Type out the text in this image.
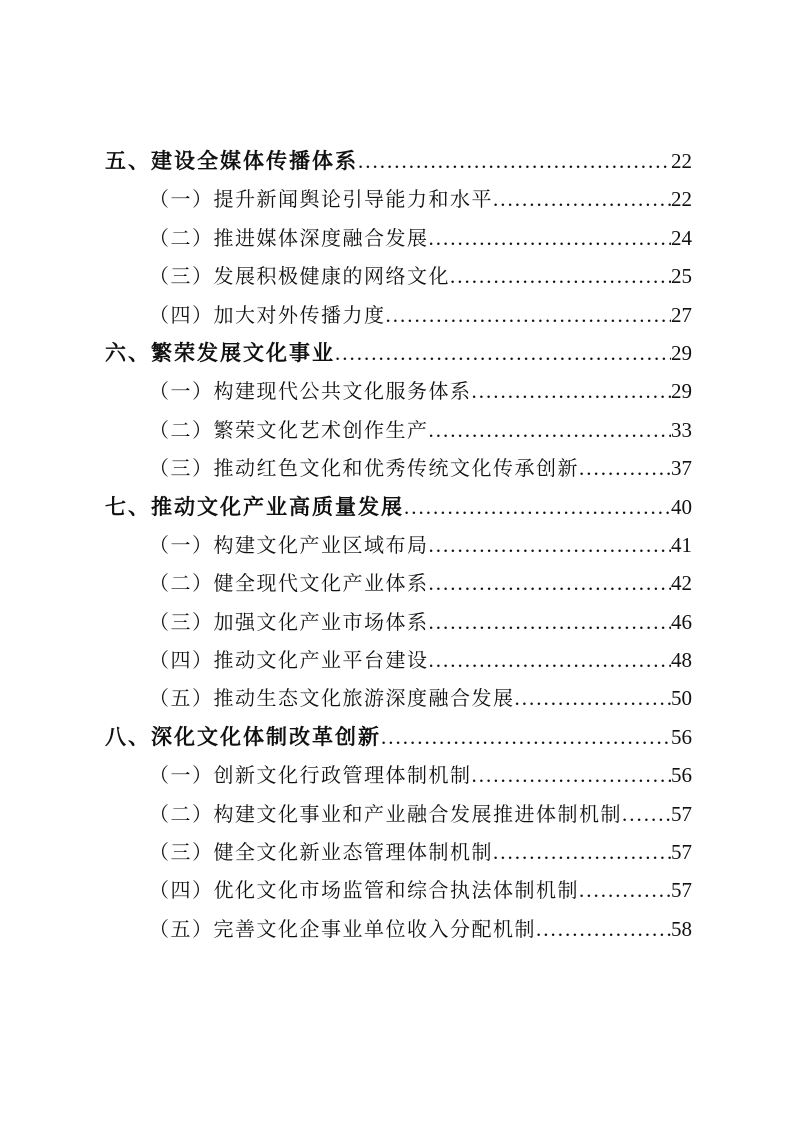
五、建设全媒体传播体系 .....	22
（一）提升新闻舆论引导能力和水平 .....	22
（二）推进媒体深度融合发展 .....	24
（三）发展积极健康的网络文化 .....	25
（四）加大对外传播力度 .....	27
六、繁荣发展文化事业 .....	29
（一）构建现代公共文化服务体系 .....	29
（二）繁荣文化艺术创作生产 .....	33
（三）推动红色文化和优秀传统文化传承创新 .....	37
七、推动文化产业高质量发展 .....	40
（一）构建文化产业区域布局 .....	41
（二）健全现代文化产业体系 .....	42
（三）加强文化产业市场体系 .....	46
（四）推动文化产业平台建设 .....	48
（五）推动生态文化旅游深度融合发展 .....	50
八、深化文化体制改革创新 .....	56
（一）创新文化行政管理体制机制 .....	56
（二）构建文化事业和产业融合发展推进体制机制 ..... 57
（三）健全文化新业态管理体制机制 .....	57
（四）优化文化市场监管和综合执法体制机制 .....	57
（五）完善文化企事业单位收入分配机制 .....	58
